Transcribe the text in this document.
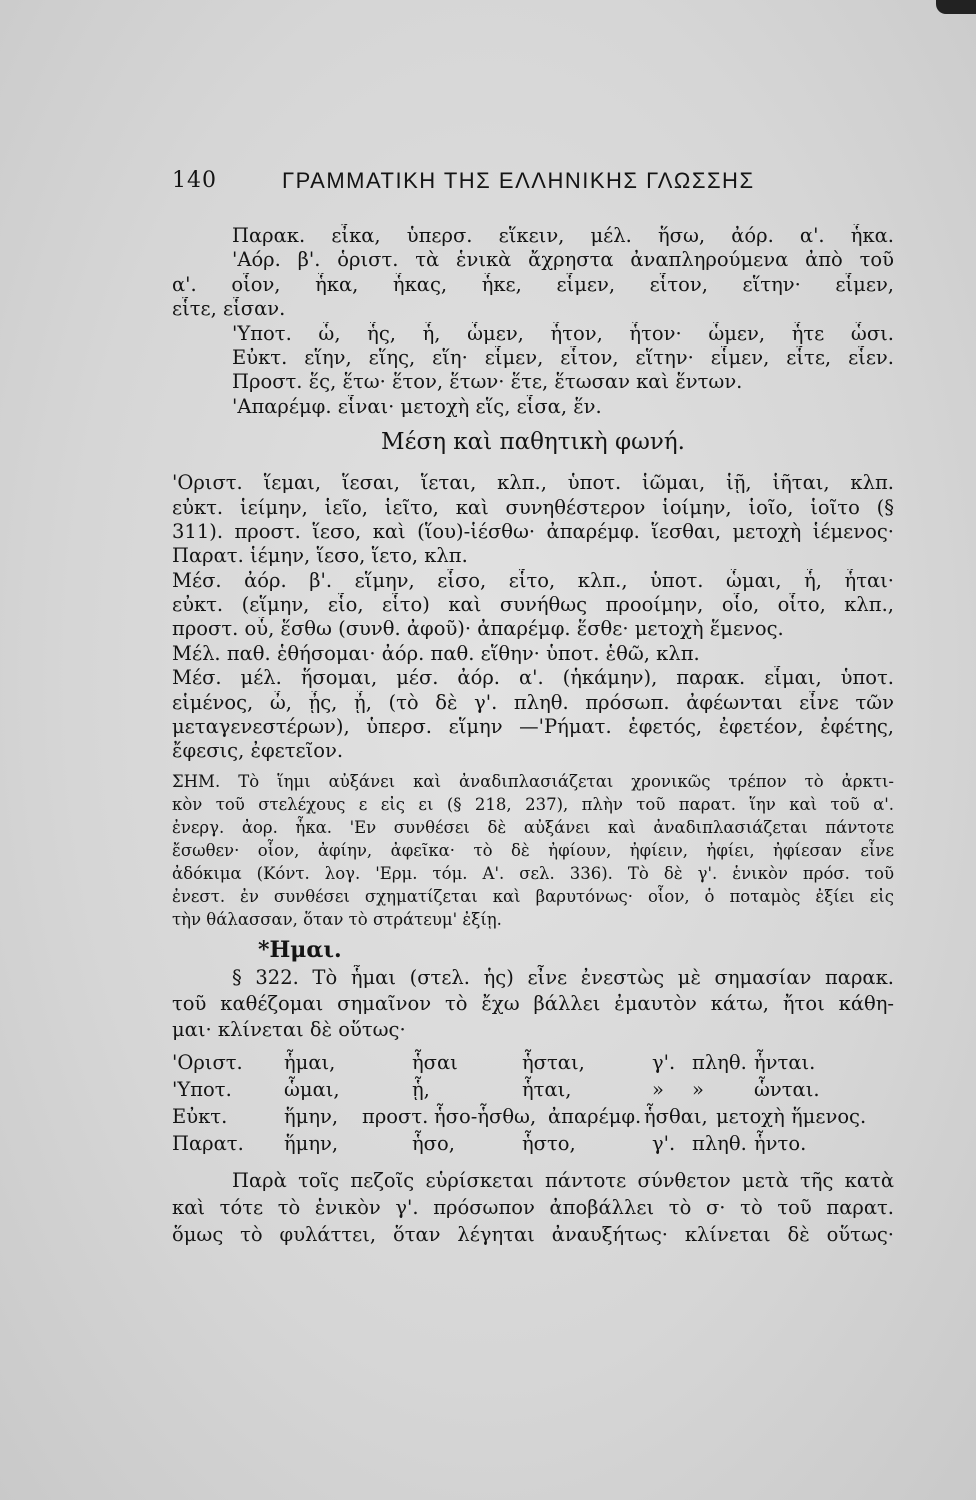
140	ΓΡΑΜΜΑΤΙΚΗ ΤΗΣ ΕΛΛΗΝΙΚΗΣ ΓΛΩΣΣΗΣ
Παρακ. εἶκα, ὑπερσ. εἵκειν, μέλ. ἥσω, ἀόρ. α'. ἧκα.
'Αόρ. β'. ὁριστ. τὰ ἑνικὰ ἄχρηστα ἀναπληρούμενα ἀπὸ τοῦ
α'. οἷον, ἧκα, ἧκας, ἧκε, εἷμεν, εἷτον, εἵτην· εἷμεν,
εἷτε, εἷσαν.
'Υποτ. ὧ, ἧς, ἧ, ὧμεν, ἧτον, ἧτον· ὧμεν, ἧτε ὧσι.
Εὐκτ. εἵην, εἵης, εἵη· εἷμεν, εἷτον, εἵτην· εἷμεν, εἷτε, εἷεν.
Προστ. ἕς, ἕτω· ἕτον, ἕτων· ἕτε, ἕτωσαν καὶ ἕντων.
'Απαρέμφ. εἷναι· μετοχὴ εἵς, εἷσα, ἕν.
Μέση καὶ παθητικὴ φωνή.
'Οριστ. ἵεμαι, ἵεσαι, ἵεται, κλπ., ὑποτ. ἱῶμαι, ἱῇ, ἱῆται, κλπ.
εὐκτ. ἱείμην, ἱεῖο, ἱεῖτο, καὶ συνηθέστερον ἱοίμην, ἱοῖο, ἱοῖτο (§
311). προστ. ἵεσο, καὶ (ἵου)-ἱέσθω· ἀπαρέμφ. ἵεσθαι, μετοχὴ ἱέμενος·
Παρατ. ἱέμην, ἵεσο, ἵετο, κλπ.
Μέσ. ἀόρ. β'. εἵμην, εἷσο, εἷτο, κλπ., ὑποτ. ὧμαι, ἧ, ἧται·
εὐκτ. (εἵμην, εἷο, εἷτο) καὶ συνήθως προοίμην, οἷο, οἷτο, κλπ.,
προστ. οὗ, ἕσθω (συνθ. ἀφοῦ)· ἀπαρέμφ. ἕσθε· μετοχὴ ἕμενος.
Μέλ. παθ. ἑθήσομαι· ἀόρ. παθ. εἵθην· ὑποτ. ἑθῶ, κλπ.
Μέσ. μέλ. ἥσομαι, μέσ. ἀόρ. α'. (ἡκάμην), παρακ. εἷμαι, ὑποτ.
εἱμένος, ὦ, ᾖς, ᾖ, (τὸ δὲ γ'. πληθ. πρόσωπ. ἀφέωνται εἶνε τῶν
μεταγενεστέρων), ὑπερσ. εἵμην —'Ρήματ. ἑφετός, ἐφετέον, ἐφέτης,
ἔφεσις, ἐφετεῖον.
ΣΗΜ. Τὸ ἵημι αὐξάνει καὶ ἀναδιπλασιάζεται χρονικῶς τρέπον τὸ ἀρκτι-
κὸν τοῦ στελέχους ε εἰς ει (§ 218, 237), πλὴν τοῦ παρατ. ἵην καὶ τοῦ α'.
ἐνεργ. ἀορ. ἧκα. 'Εν συνθέσει δὲ αὐξάνει καὶ ἀναδιπλασιάζεται πάντοτε
ἔσωθεν· οἷον, ἀφίην, ἀφεῖκα· τὸ δὲ ἠφίουν, ἠφίειν, ἠφίει, ἠφίεσαν εἶνε
ἀδόκιμα (Κόντ. λογ. 'Ερμ. τόμ. Α'. σελ. 336). Τὸ δὲ γ'. ἑνικὸν πρόσ. τοῦ
ἐνεστ. ἐν συνθέσει σχηματίζεται καὶ βαρυτόνως· οἷον, ὁ ποταμὸς ἐξίει εἰς
τὴν θάλασσαν, ὅταν τὸ στράτευμ' ἐξίῃ.
*Ημαι.
§ 322. Τὸ ἧμαι (στελ. ἡς) εἶνε ἐνεστὼς μὲ σημασίαν παρακ.
τοῦ καθέζομαι σημαῖνον τὸ ἔχω βάλλει ἐμαυτὸν κάτω, ἤτοι κάθη-
μαι· κλίνεται δὲ οὕτως·
'Οριστ. ἧμαι,	ἧσαι	ἧσται,	γ'. πληθ. ἧνται.
'Υποτ.	ὧμαι,	ᾗ,	ἧται,	» »	ὧνται.
Εὐκτ.	ἥμην, προστ. ἧσο-ἧσθω, ἀπαρέμφ. ἧσθαι, μετοχὴ ἥμενος.
Παρατ. ἥμην,	ἧσο,	ἧστο,	γ'. πληθ. ἧντο.
Παρὰ τοῖς πεζοῖς εὑρίσκεται πάντοτε σύνθετον μετὰ τῆς κατὰ
καὶ τότε τὸ ἑνικὸν γ'. πρόσωπον ἀποβάλλει τὸ σ· τὸ τοῦ παρατ.
ὅμως τὸ φυλάττει, ὅταν λέγηται ἀναυξήτως· κλίνεται δὲ οὕτως·
